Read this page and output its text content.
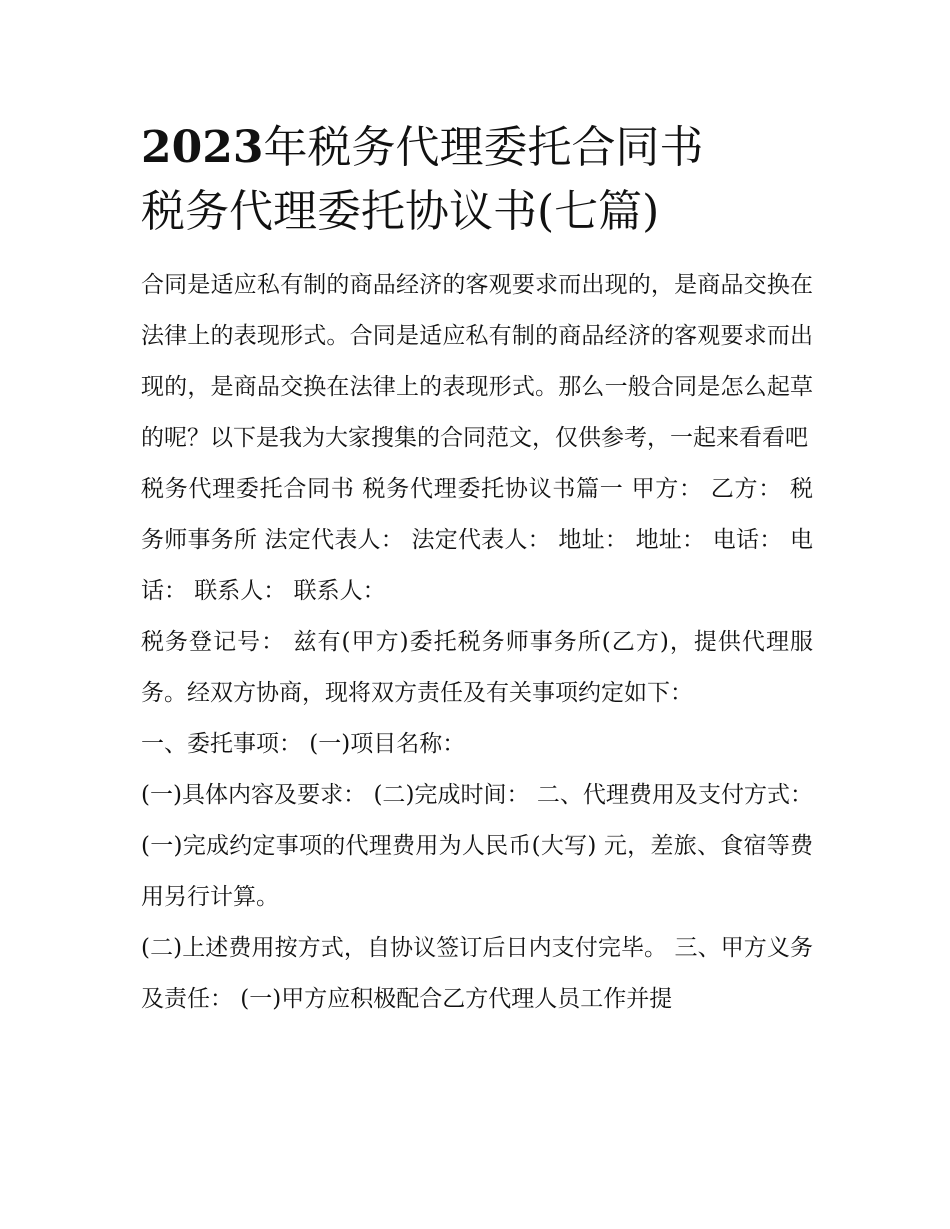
2023年税务代理委托合同书
税务代理委托协议书(七篇)

合同是适应私有制的商品经济的客观要求而出现的，是商品交换在法律上的表现形式。合同是适应私有制的商品经济的客观要求而出现的，是商品交换在法律上的表现形式。那么一般合同是怎么起草的呢？以下是我为大家搜集的合同范文，仅供参考，一起来看看吧

税务代理委托合同书 税务代理委托协议书篇一 甲方： 乙方： 税务师事务所 法定代表人： 法定代表人： 地址： 地址： 电话： 电话： 联系人： 联系人：

税务登记号： 兹有(甲方)委托税务师事务所(乙方)，提供代理服务。经双方协商，现将双方责任及有关事项约定如下：

一、委托事项： (一)项目名称：

(一)具体内容及要求： (二)完成时间： 二、代理费用及支付方式： (一)完成约定事项的代理费用为人民币(大写) 元，差旅、食宿等费用另行计算。

(二)上述费用按方式，自协议签订后日内支付完毕。 三、甲方义务及责任： (一)甲方应积极配合乙方代理人员工作并提
